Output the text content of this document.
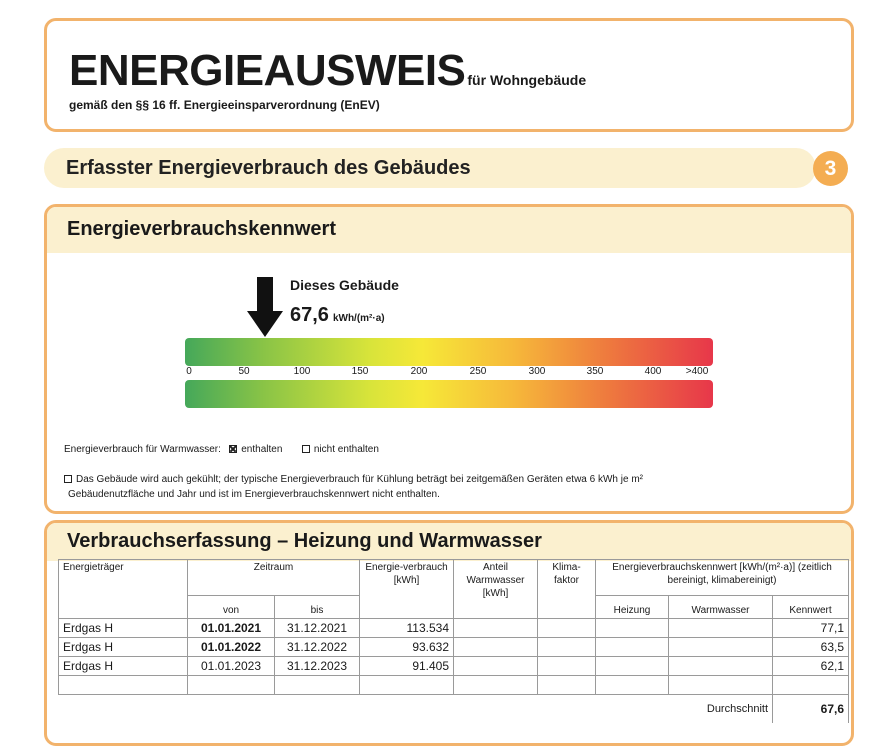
ENERGIEAUSWEIS für Wohngebäude
gemäß den §§ 16 ff. Energieeinsparverordnung (EnEV)
Erfasster Energieverbrauch des Gebäudes	3
Energieverbrauchskennwert
Dieses Gebäude
67,6 kWh/(m²·a)
Energieverbrauch für Warmwasser: enthalten	nicht enthalten
Das Gebäude wird auch gekühlt; der typische Energieverbrauch für Kühlung beträgt bei zeitgemäßen Geräten etwa 6 kWh je m² Gebäudenutzfläche und Jahr und ist im Energieverbrauchskennwert nicht enthalten.
Verbrauchserfassung – Heizung und Warmwasser
Energieträger	Zeitraum		Energie-verbrauch [kWh]	Anteil Warmwasser [kWh]	Klima-faktor	Energieverbrauchskennwert [kWh/(m²·a)] (zeitlich bereinigt, klimabereinigt)		
	von	bis				Heizung	Warmwasser	Kennwert
Erdgas H	01.01.2021	31.12.2021	113.534					77,1
Erdgas H	01.01.2022	31.12.2022	93.632					63,5
Erdgas H	01.01.2023	31.12.2023	91.405					62,1

Durchschnitt								67,6
0	50	100	150	200	250	300	350	400 >400
